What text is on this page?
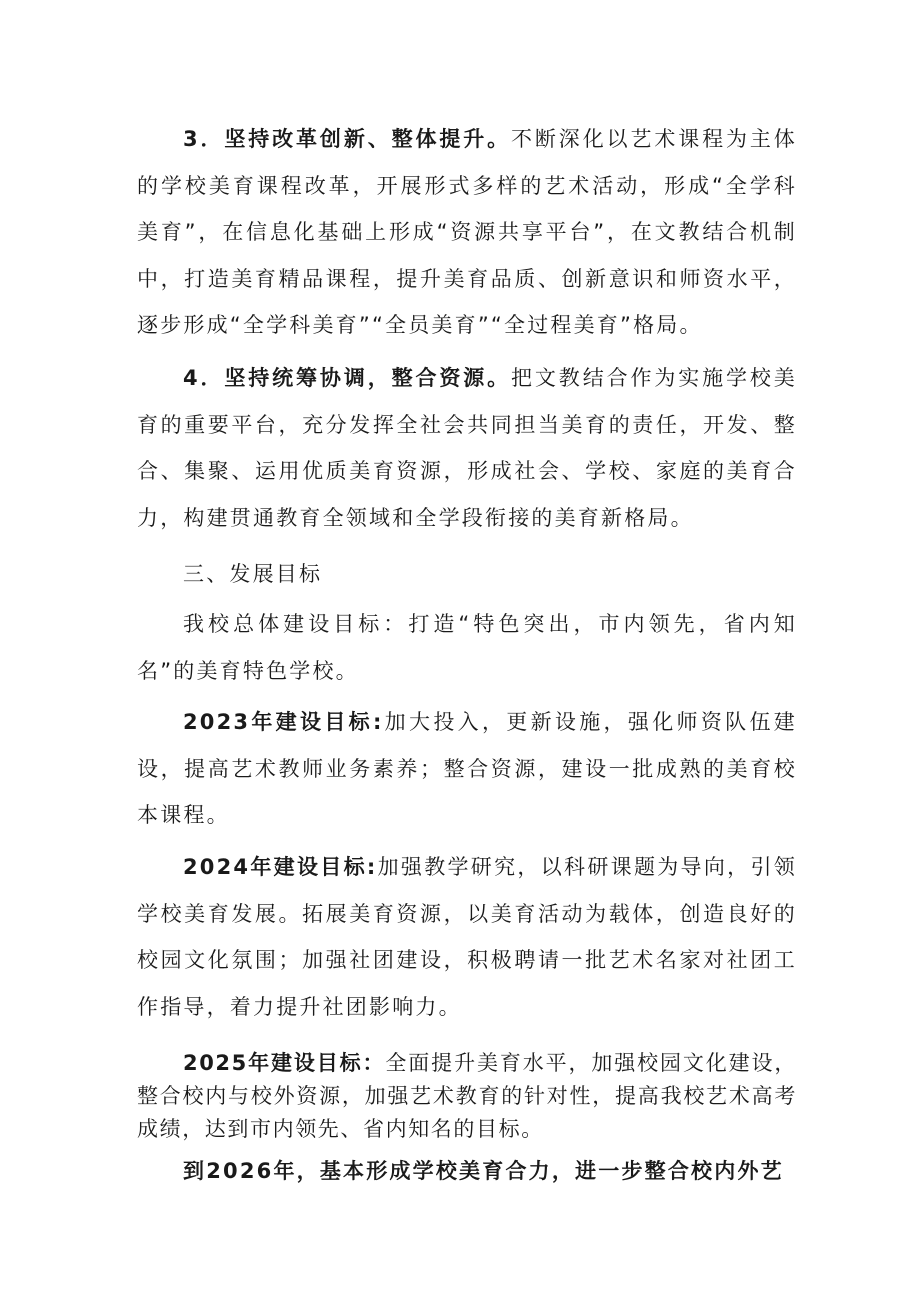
3．坚持改革创新、整体提升。不断深化以艺术课程为主体的学校美育课程改革，开展形式多样的艺术活动，形成“全学科美育”，在信息化基础上形成“资源共享平台”，在文教结合机制中，打造美育精品课程，提升美育品质、创新意识和师资水平，逐步形成“全学科美育”“全员美育”“全过程美育”格局。

4．坚持统筹协调，整合资源。把文教结合作为实施学校美育的重要平台，充分发挥全社会共同担当美育的责任，开发、整合、集聚、运用优质美育资源，形成社会、学校、家庭的美育合力，构建贯通教育全领域和全学段衔接的美育新格局。

三、发展目标

我校总体建设目标：打造“特色突出，市内领先，省内知名”的美育特色学校。

2023年建设目标:加大投入，更新设施，强化师资队伍建设，提高艺术教师业务素养；整合资源，建设一批成熟的美育校本课程。

2024年建设目标:加强教学研究，以科研课题为导向，引领学校美育发展。拓展美育资源，以美育活动为载体，创造良好的校园文化氛围；加强社团建设，积极聘请一批艺术名家对社团工作指导，着力提升社团影响力。

2025年建设目标：全面提升美育水平，加强校园文化建设，整合校内与校外资源，加强艺术教育的针对性，提高我校艺术高考成绩，达到市内领先、省内知名的目标。

到2026年，基本形成学校美育合力，进一步整合校内外艺
